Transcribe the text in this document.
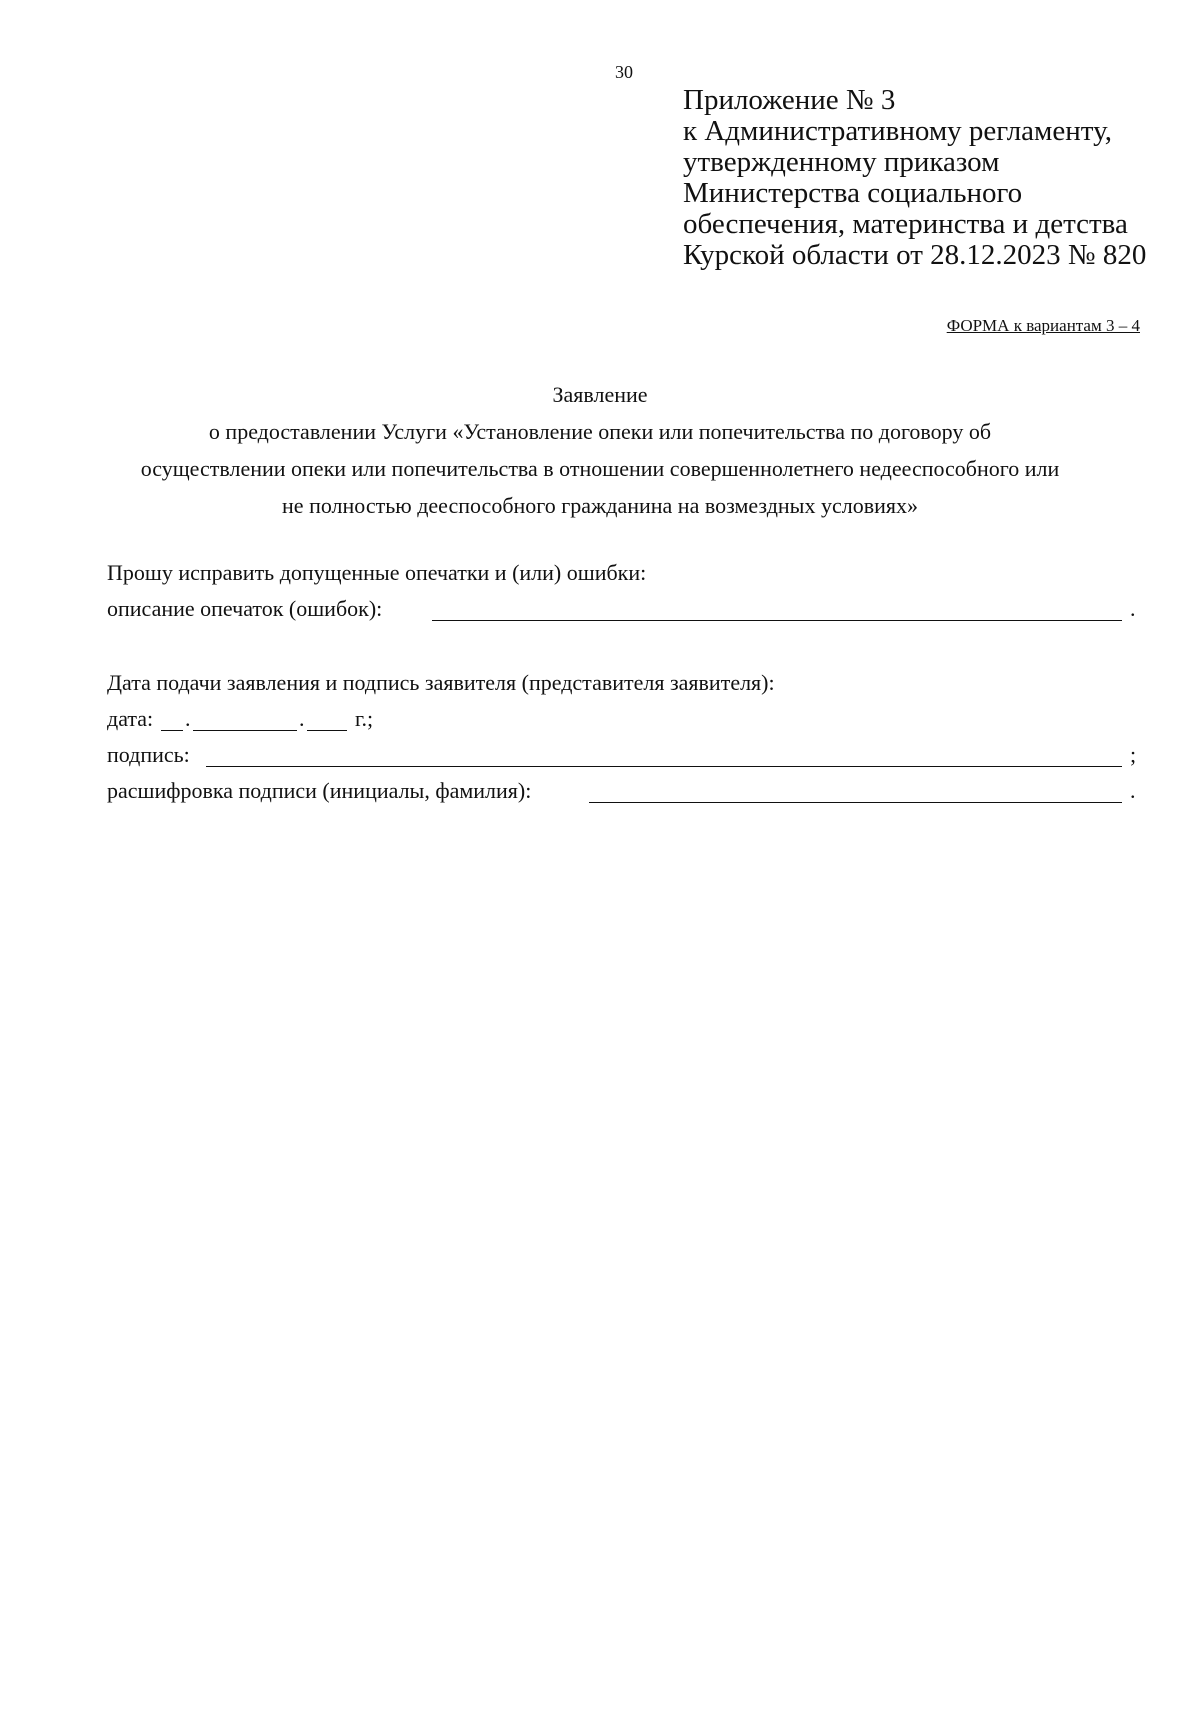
30
Приложение № 3
к Административному регламенту,
утвержденному приказом
Министерства социального
обеспечения, материнства и детства
Курской области от 28.12.2023 № 820
ФОРМА к вариантам 3 – 4
Заявление
о предоставлении Услуги «Установление опеки или попечительства по договору об
осуществлении опеки или попечительства в отношении совершеннолетнего недееспособного или
не полностью дееспособного гражданина на возмездных условиях»
Прошу исправить допущенные опечатки и (или) ошибки:
описание опечаток (ошибок):	.
Дата подачи заявления и подпись заявителя (представителя заявителя):
дата: .	. г.;
подпись:	;
расшифровка подписи (инициалы, фамилия):	.
